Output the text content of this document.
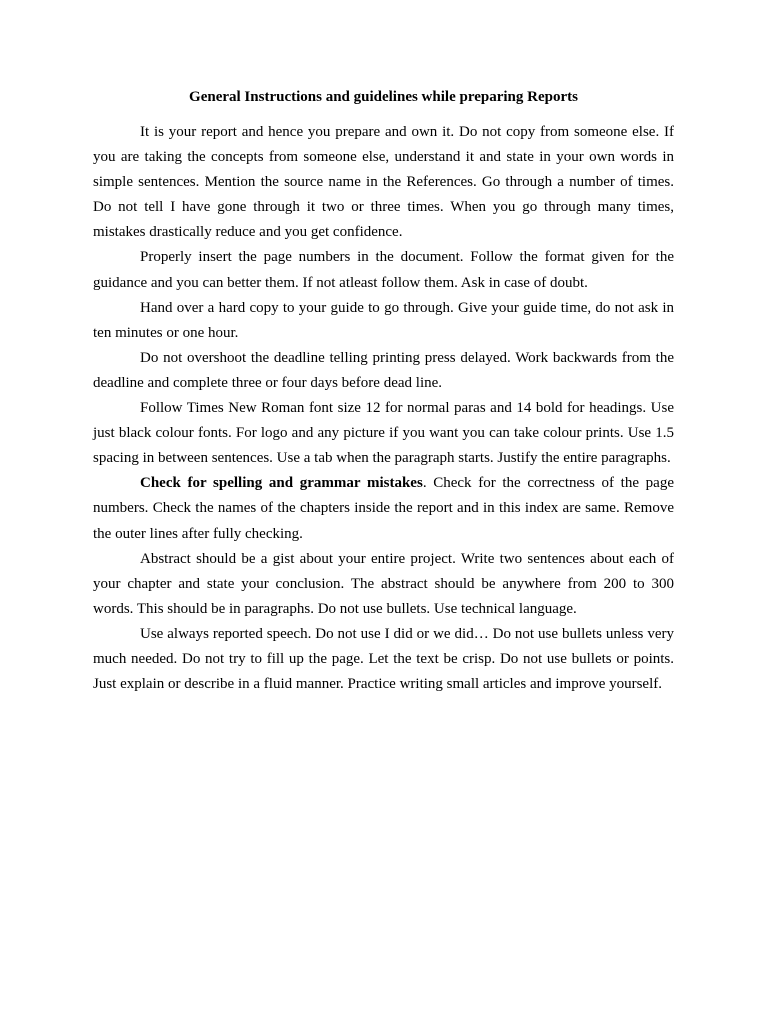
General Instructions and guidelines while preparing Reports

It is your report and hence you prepare and own it. Do not copy from someone else. If you are taking the concepts from someone else, understand it and state in your own words in simple sentences. Mention the source name in the References. Go through a number of times. Do not tell I have gone through it two or three times. When you go through many times, mistakes drastically reduce and you get confidence.

Properly insert the page numbers in the document. Follow the format given for the guidance and you can better them. If not atleast follow them. Ask in case of doubt.

Hand over a hard copy to your guide to go through. Give your guide time, do not ask in ten minutes or one hour.

Do not overshoot the deadline telling printing press delayed. Work backwards from the deadline and complete three or four days before dead line.

Follow Times New Roman font size 12 for normal paras and 14 bold for headings. Use just black colour fonts. For logo and any picture if you want you can take colour prints. Use 1.5 spacing in between sentences. Use a tab when the paragraph starts. Justify the entire paragraphs.

Check for spelling and grammar mistakes. Check for the correctness of the page numbers. Check the names of the chapters inside the report and in this index are same. Remove the outer lines after fully checking.

Abstract should be a gist about your entire project. Write two sentences about each of your chapter and state your conclusion. The abstract should be anywhere from 200 to 300 words. This should be in paragraphs. Do not use bullets. Use technical language.

Use always reported speech. Do not use I did or we did… Do not use bullets unless very much needed. Do not try to fill up the page. Let the text be crisp. Do not use bullets or points. Just explain or describe in a fluid manner. Practice writing small articles and improve yourself.
